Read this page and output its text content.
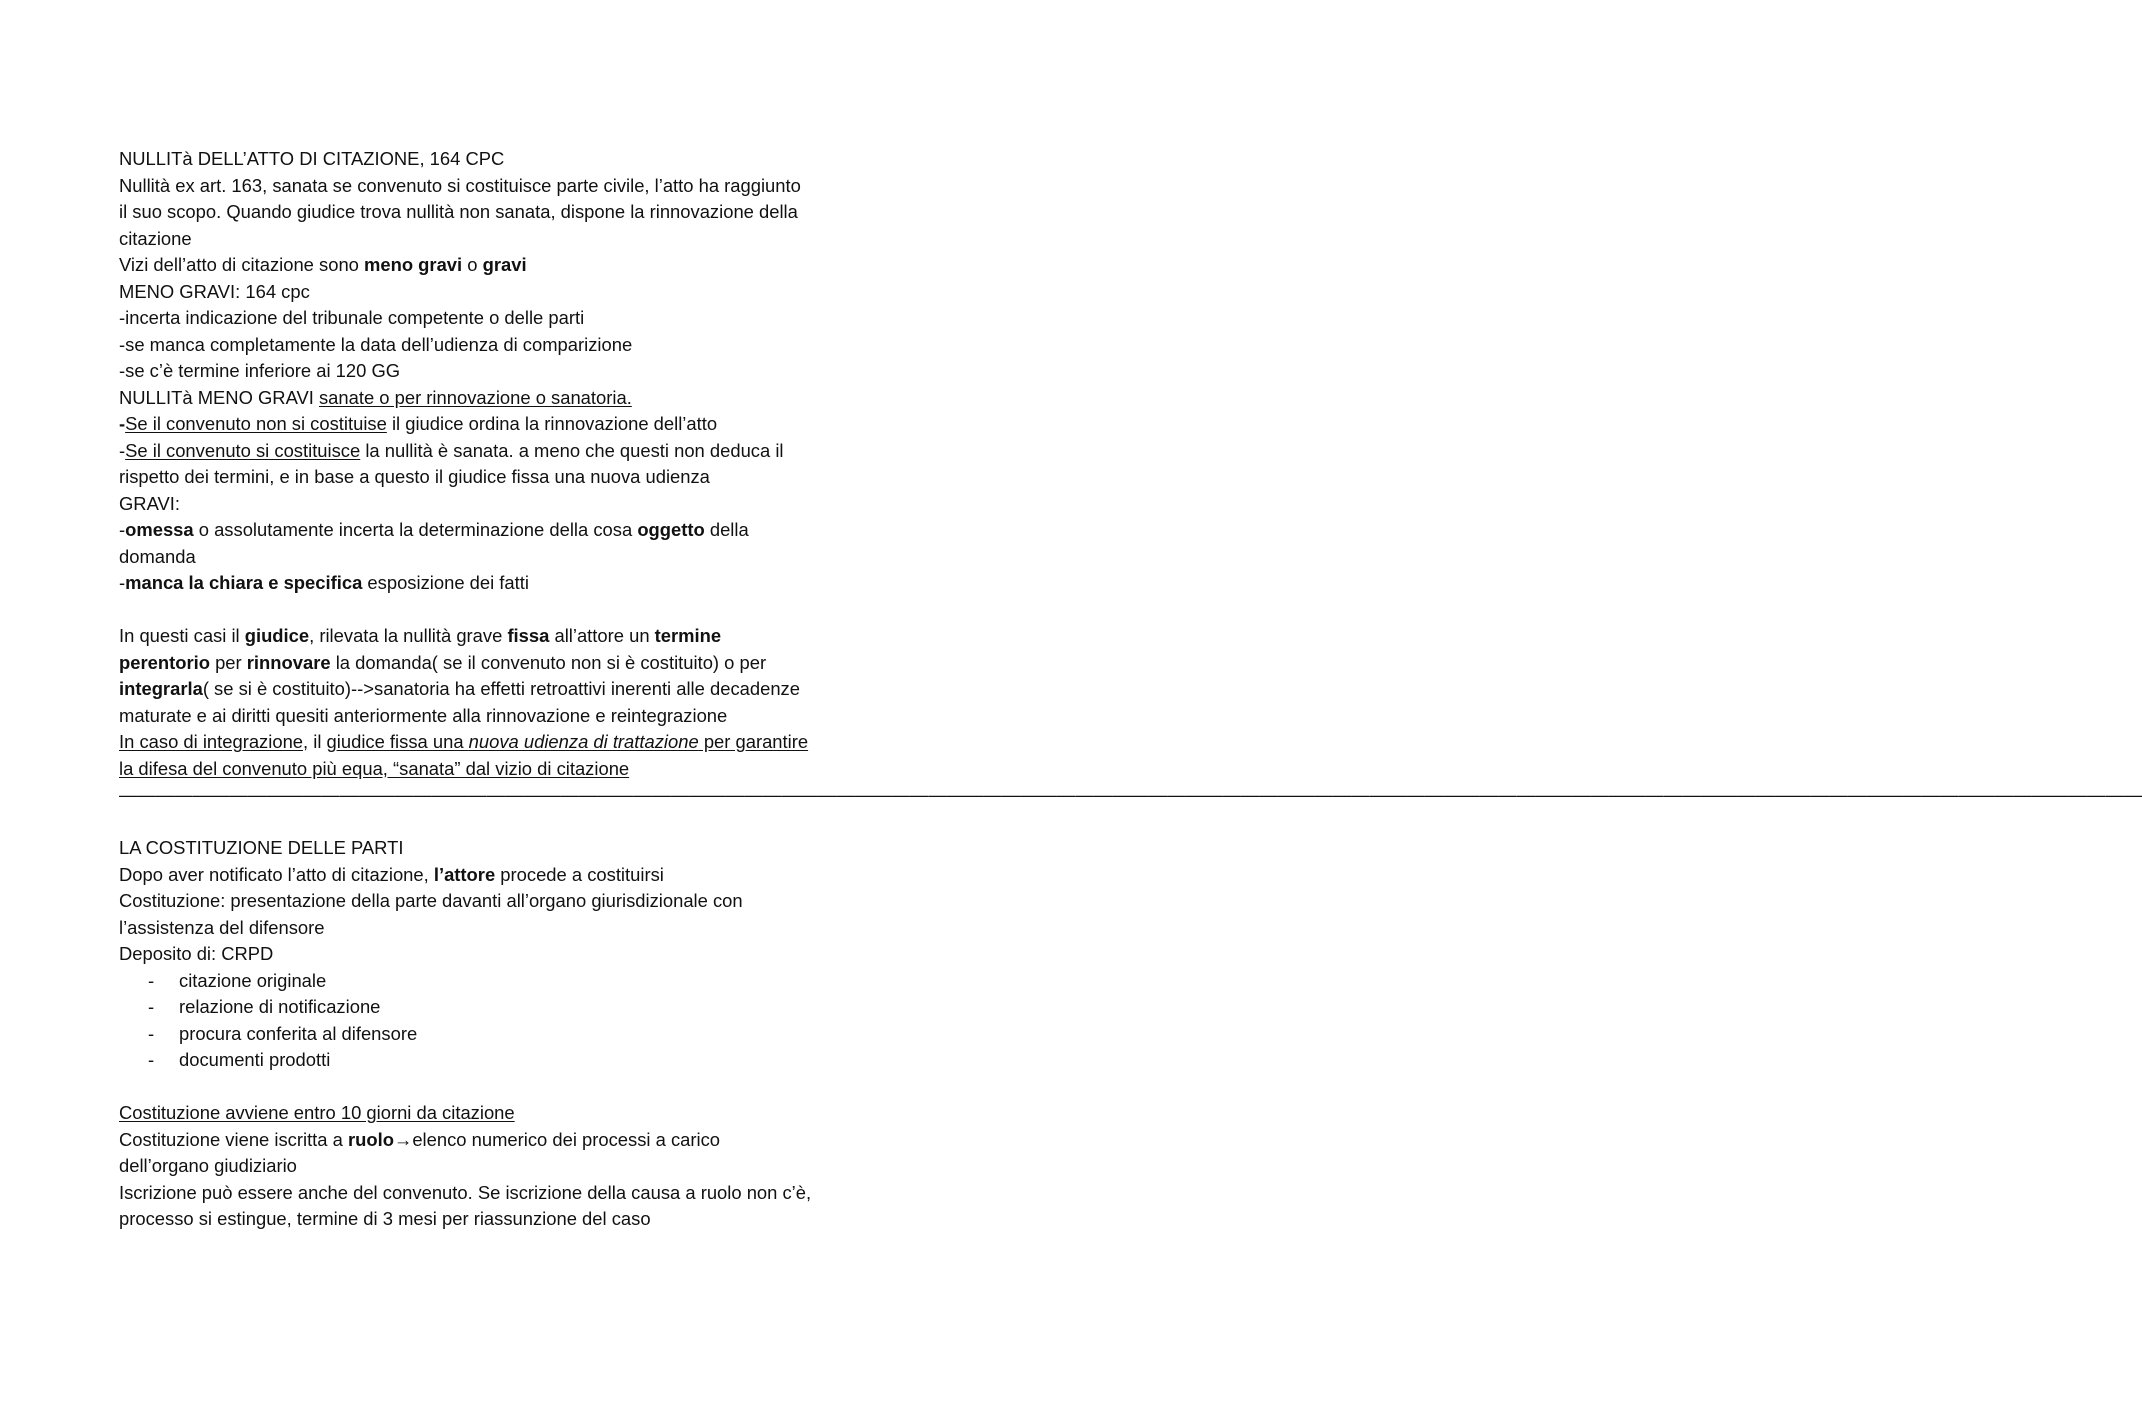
NULLITà DELL’ATTO DI CITAZIONE, 164 CPC
Nullità ex art. 163, sanata se convenuto si costituisce parte civile, l’atto ha raggiunto
il suo scopo. Quando giudice trova nullità non sanata, dispone la rinnovazione della
citazione
Vizi dell’atto di citazione sono meno gravi o gravi
MENO GRAVI: 164 cpc
-incerta indicazione del tribunale competente o delle parti
-se manca completamente la data dell’udienza di comparizione
-se c’è termine inferiore ai 120 GG
NULLITà MENO GRAVI sanate o per rinnovazione o sanatoria.
-Se il convenuto non si costituise il giudice ordina la rinnovazione dell’atto
-Se il convenuto si costituisce la nullità è sanata. a meno che questi non deduca il
rispetto dei termini, e in base a questo il giudice fissa una nuova udienza
GRAVI:
-omessa o assolutamente incerta la determinazione della cosa oggetto della
domanda
-manca la chiara e specifica esposizione dei fatti
In questi casi il giudice, rilevata la nullità grave fissa all’attore un termine
perentorio per rinnovare la domanda( se il convenuto non si è costituito) o per
integrarla( se si è costituito)-->sanatoria ha effetti retroattivi inerenti alle decadenze
maturate e ai diritti quesiti anteriormente alla rinnovazione e reintegrazione
In caso di integrazione, il giudice fissa una nuova udienza di trattazione per garantire
la difesa del convenuto più equa, “sanata” dal vizio di citazione
——————————————————————————————————————————————————————————————————————————————————————————————————————————————
LA COSTITUZIONE DELLE PARTI
Dopo aver notificato l’atto di citazione, l’attore procede a costituirsi
Costituzione: presentazione della parte davanti all’organo giurisdizionale con
l’assistenza del difensore
Deposito di: CRPD
- citazione originale
- relazione di notificazione
- procura conferita al difensore
- documenti prodotti
Costituzione avviene entro 10 giorni da citazione
Costituzione viene iscritta a ruolo→elenco numerico dei processi a carico
dell’organo giudiziario
Iscrizione può essere anche del convenuto. Se iscrizione della causa a ruolo non c’è,
processo si estingue, termine di 3 mesi per riassunzione del caso
